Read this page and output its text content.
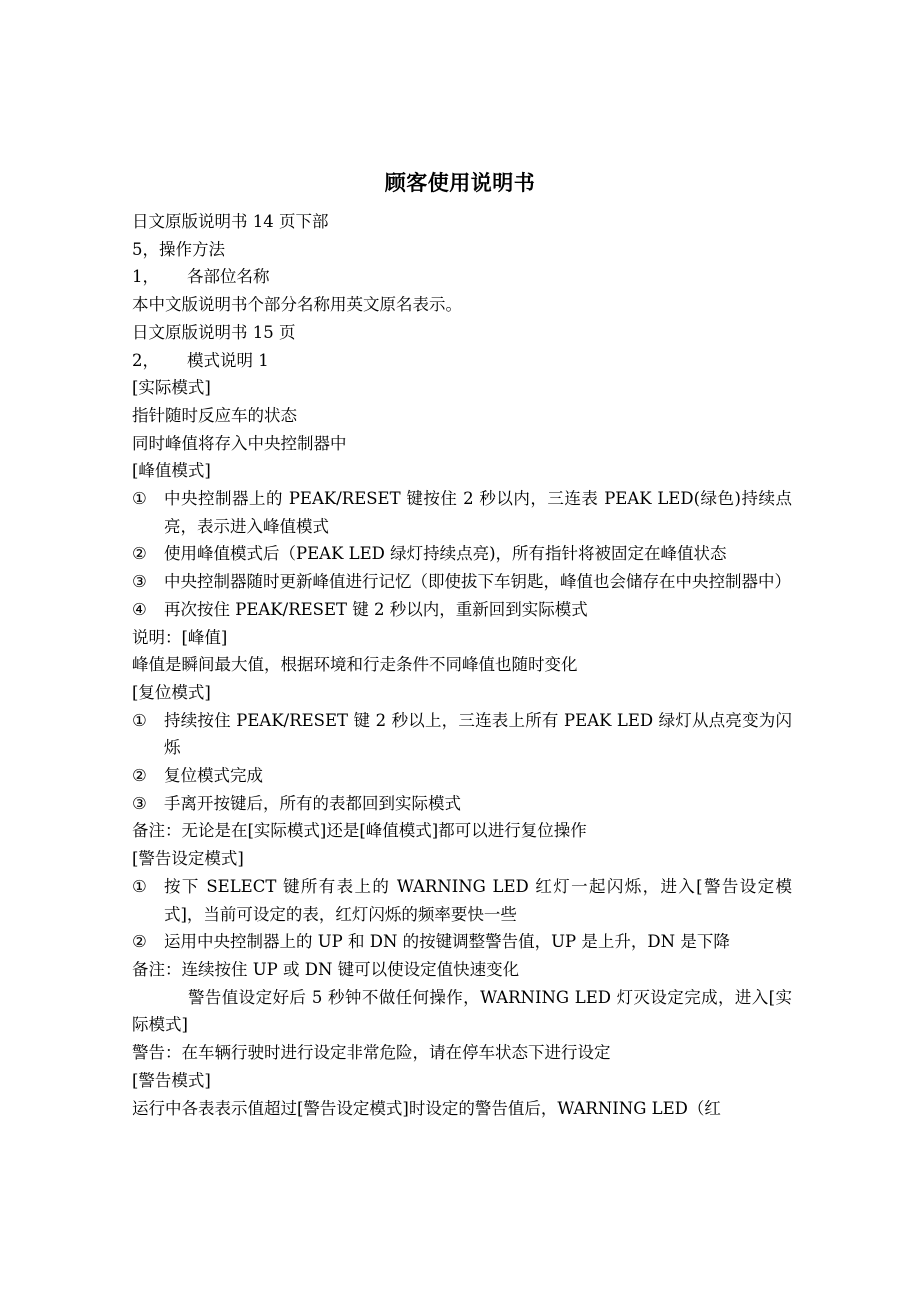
顾客使用说明书
日文原版说明书 14 页下部
5，操作方法
1，	各部位名称
本中文版说明书个部分名称用英文原名表示。
日文原版说明书 15 页
2，	模式说明 1
[实际模式]
指针随时反应车的状态
同时峰值将存入中央控制器中
[峰值模式]
①	中央控制器上的 PEAK/RESET 键按住 2 秒以内，三连表 PEAK LED(绿色)持续点亮，表示进入峰值模式
②	使用峰值模式后（PEAK LED 绿灯持续点亮)，所有指针将被固定在峰值状态
③	中央控制器随时更新峰值进行记忆（即使拔下车钥匙，峰值也会储存在中央控制器中）
④	再次按住 PEAK/RESET 键 2 秒以内，重新回到实际模式
说明：[峰值]
峰值是瞬间最大值，根据环境和行走条件不同峰值也随时变化
[复位模式]
①	持续按住 PEAK/RESET 键 2 秒以上，三连表上所有 PEAK LED 绿灯从点亮变为闪烁
②	复位模式完成
③	手离开按键后，所有的表都回到实际模式
备注：无论是在[实际模式]还是[峰值模式]都可以进行复位操作
[警告设定模式]
①	按下 SELECT 键所有表上的 WARNING LED 红灯一起闪烁，进入[警告设定模式]，当前可设定的表，红灯闪烁的频率要快一些
②	运用中央控制器上的 UP 和 DN 的按键调整警告值，UP 是上升，DN 是下降
备注：连续按住 UP 或 DN 键可以使设定值快速变化
警告值设定好后 5 秒钟不做任何操作，WARNING LED 灯灭设定完成，进入[实际模式]
警告：在车辆行驶时进行设定非常危险，请在停车状态下进行设定
[警告模式]
运行中各表表示值超过[警告设定模式]时设定的警告值后，WARNING LED（红
